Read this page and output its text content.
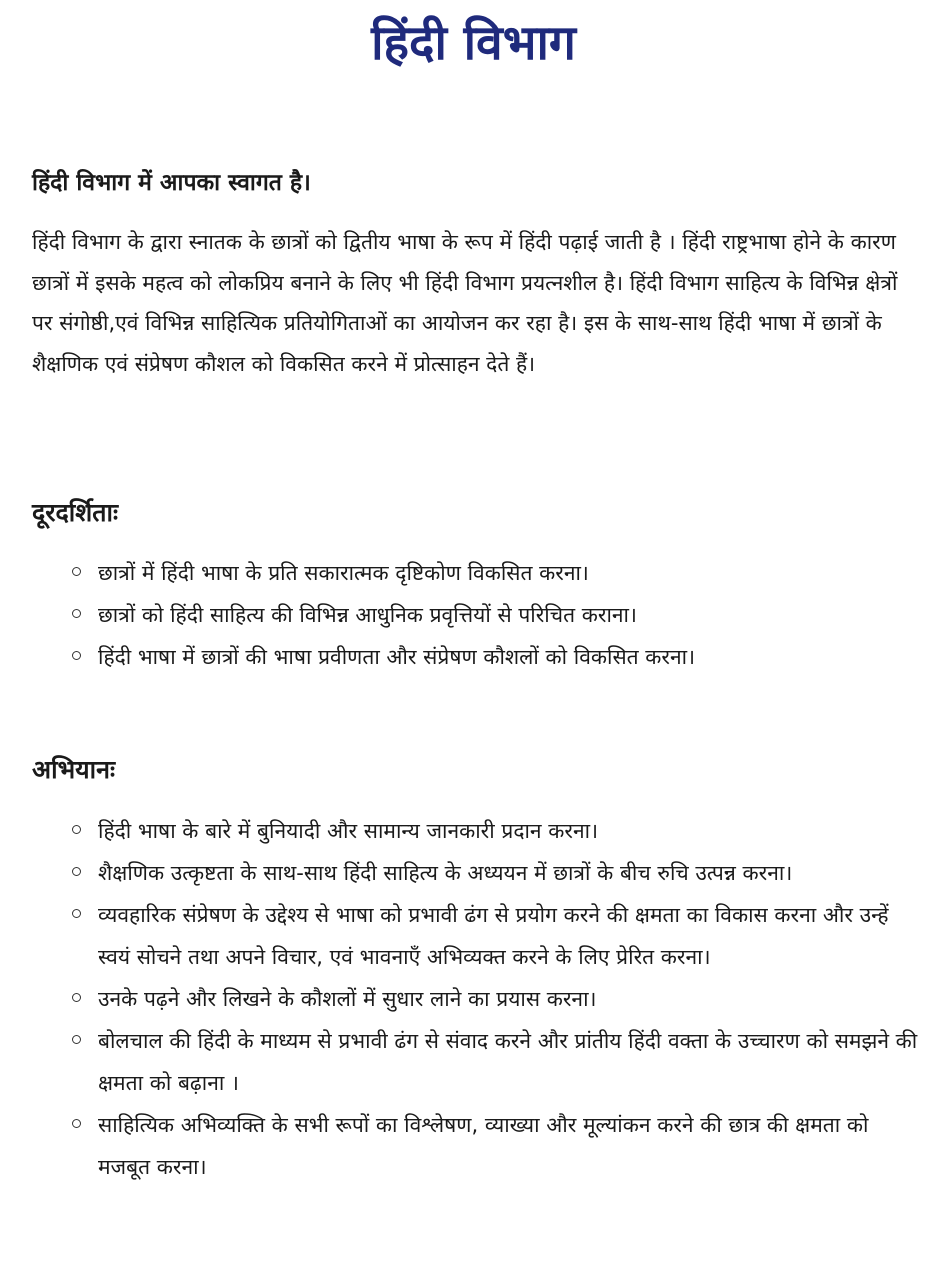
हिंदी विभाग
हिंदी विभाग में आपका स्वागत है।

हिंदी विभाग के द्वारा स्नातक के छात्रों को द्वितीय भाषा के रूप में हिंदी पढ़ाई जाती है । हिंदी राष्ट्रभाषा होने के कारण छात्रों में इसके महत्व को लोकप्रिय बनाने के लिए भी हिंदी विभाग प्रयत्नशील है। हिंदी विभाग साहित्य के विभिन्न क्षेत्रों पर संगोष्ठी,एवं विभिन्न साहित्यिक प्रतियोगिताओं का आयोजन कर रहा है। इस के साथ-साथ हिंदी भाषा में छात्रों के शैक्षणिक एवं संप्रेषण कौशल को विकसित करने में प्रोत्साहन देते हैं।

दूरदर्शिताः
छात्रों में हिंदी भाषा के प्रति सकारात्मक दृष्टिकोण विकसित करना।
छात्रों को हिंदी साहित्य की विभिन्न आधुनिक प्रवृत्तियों से परिचित कराना।
हिंदी भाषा में छात्रों की भाषा प्रवीणता और संप्रेषण कौशलों को विकसित करना।
अभियानः
हिंदी भाषा के बारे में बुनियादी और सामान्य जानकारी प्रदान करना।
शैक्षणिक उत्कृष्टता के साथ-साथ हिंदी साहित्य के अध्ययन में छात्रों के बीच रुचि उत्पन्न करना।
व्यवहारिक संप्रेषण के उद्देश्य से भाषा को प्रभावी ढंग से प्रयोग करने की क्षमता का विकास करना और उन्हें स्वयं सोचने तथा अपने विचार, एवं भावनाएँ अभिव्यक्त करने के लिए प्रेरित करना।
उनके पढ़ने और लिखने के कौशलों में सुधार लाने का प्रयास करना।
बोलचाल की हिंदी के माध्यम से प्रभावी ढंग से संवाद करने और प्रांतीय हिंदी वक्ता के उच्चारण को समझने की क्षमता को बढ़ाना ।
साहित्यिक अभिव्यक्ति के सभी रूपों का विश्लेषण, व्याख्या और मूल्यांकन करने की छात्र की क्षमता को मजबूत करना।
